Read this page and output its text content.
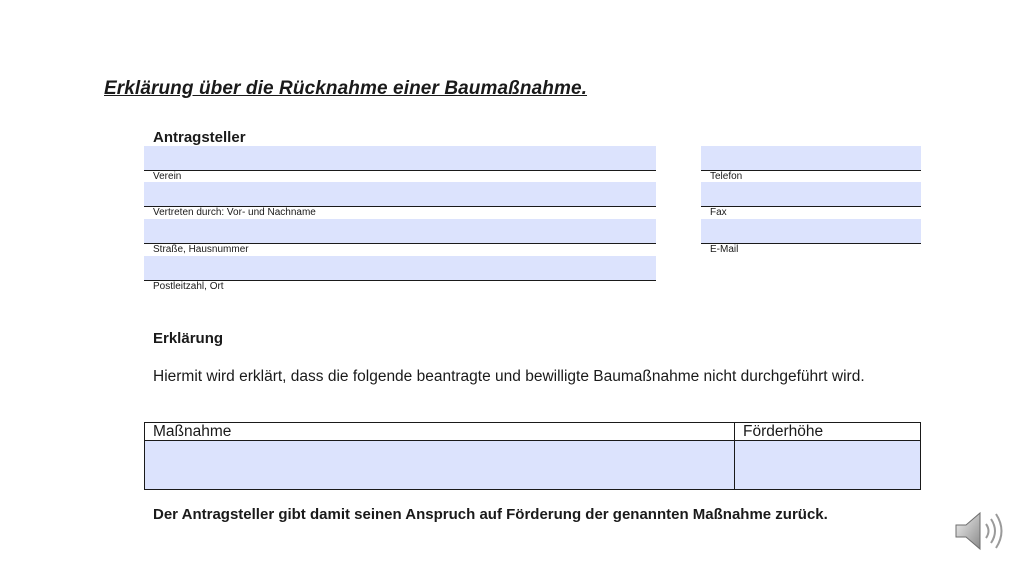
Erklärung über die Rücknahme einer Baumaßnahme.
Antragsteller
Verein
Vertreten durch: Vor- und Nachname
Straße, Hausnummer
Postleitzahl, Ort
Telefon
Fax
E-Mail
Erklärung
Hiermit wird erklärt, dass die folgende beantragte und bewilligte Baumaßnahme nicht durchgeführt wird.
Maßnahme	Förderhöhe
Der Antragsteller gibt damit seinen Anspruch auf Förderung der genannten Maßnahme zurück.
